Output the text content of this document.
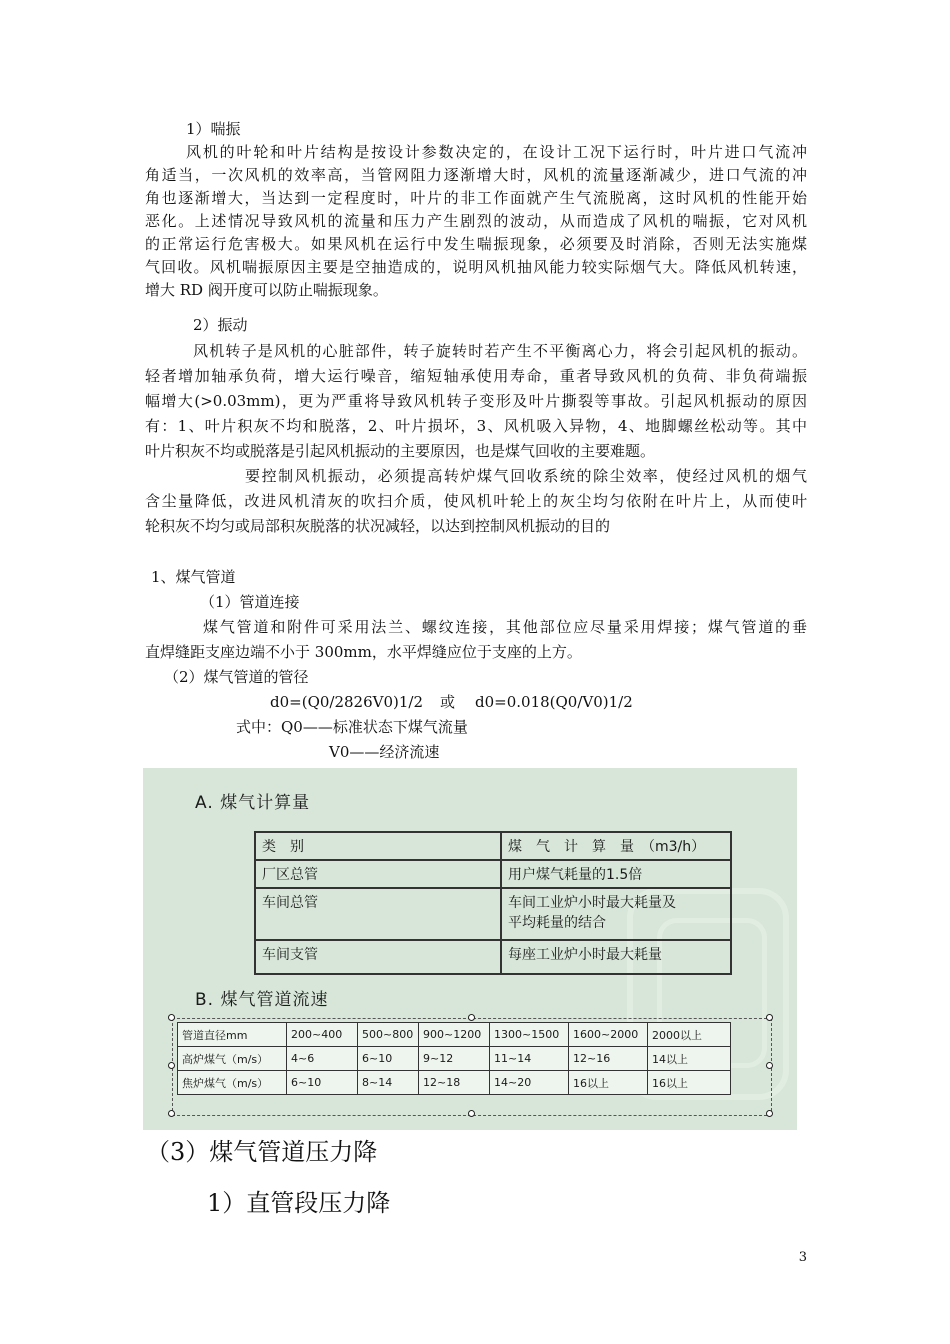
1）喘振
风机的叶轮和叶片结构是按设计参数决定的，在设计工况下运行时，叶片进口气流冲
角适当，一次风机的效率高，当管网阻力逐渐增大时，风机的流量逐渐减少，进口气流的冲
角也逐渐增大，当达到一定程度时，叶片的非工作面就产生气流脱离，这时风机的性能开始
恶化。上述情况导致风机的流量和压力产生剧烈的波动，从而造成了风机的喘振，它对风机
的正常运行危害极大。如果风机在运行中发生喘振现象，必须要及时消除，否则无法实施煤
气回收。风机喘振原因主要是空抽造成的，说明风机抽风能力较实际烟气大。降低风机转速，
增大 RD 阀开度可以防止喘振现象。
2）振动
风机转子是风机的心脏部件，转子旋转时若产生不平衡离心力，将会引起风机的振动。
轻者增加轴承负荷，增大运行噪音，缩短轴承使用寿命，重者导致风机的负荷、非负荷端振
幅增大(>0.03mm)，更为严重将导致风机转子变形及叶片撕裂等事故。引起风机振动的原因
有：1、叶片积灰不均和脱落，2、叶片损坏，3、风机吸入异物，4、地脚螺丝松动等。其中
叶片积灰不均或脱落是引起风机振动的主要原因，也是煤气回收的主要难题。
要控制风机振动，必须提高转炉煤气回收系统的除尘效率，使经过风机的烟气
含尘量降低，改进风机清灰的吹扫介质，使风机叶轮上的灰尘均匀依附在叶片上，从而使叶
轮积灰不均匀或局部积灰脱落的状况减轻，以达到控制风机振动的目的
1、煤气管道
（1）管道连接
煤气管道和附件可采用法兰、螺纹连接，其他部位应尽量采用焊接；煤气管道的垂
直焊缝距支座边端不小于 300mm，水平焊缝应位于支座的上方。
（2）煤气管道的管径
d0=(Q0/2826V0)1/2 或 d0=0.018(Q0/V0)1/2
式中：Q0——标准状态下煤气流量
V0——经济流速
A. 煤气计算量
类　别	煤　气　计　算　量　（m3/h）
厂区总管	用户煤气耗量的1.5倍
车间总管	车间工业炉小时最大耗量及
平均耗量的结合
车间支管	每座工业炉小时最大耗量
B. 煤气管道流速
管道直径mm	200~400	500~800	900~1200	1300~1500	1600~2000	2000以上
高炉煤气（m/s）	4~6	6~10	9~12	11~14	12~16	14以上
焦炉煤气（m/s）	6~10	8~14	12~18	14~20	16以上	16以上
（3）煤气管道压力降
1）直管段压力降
3
